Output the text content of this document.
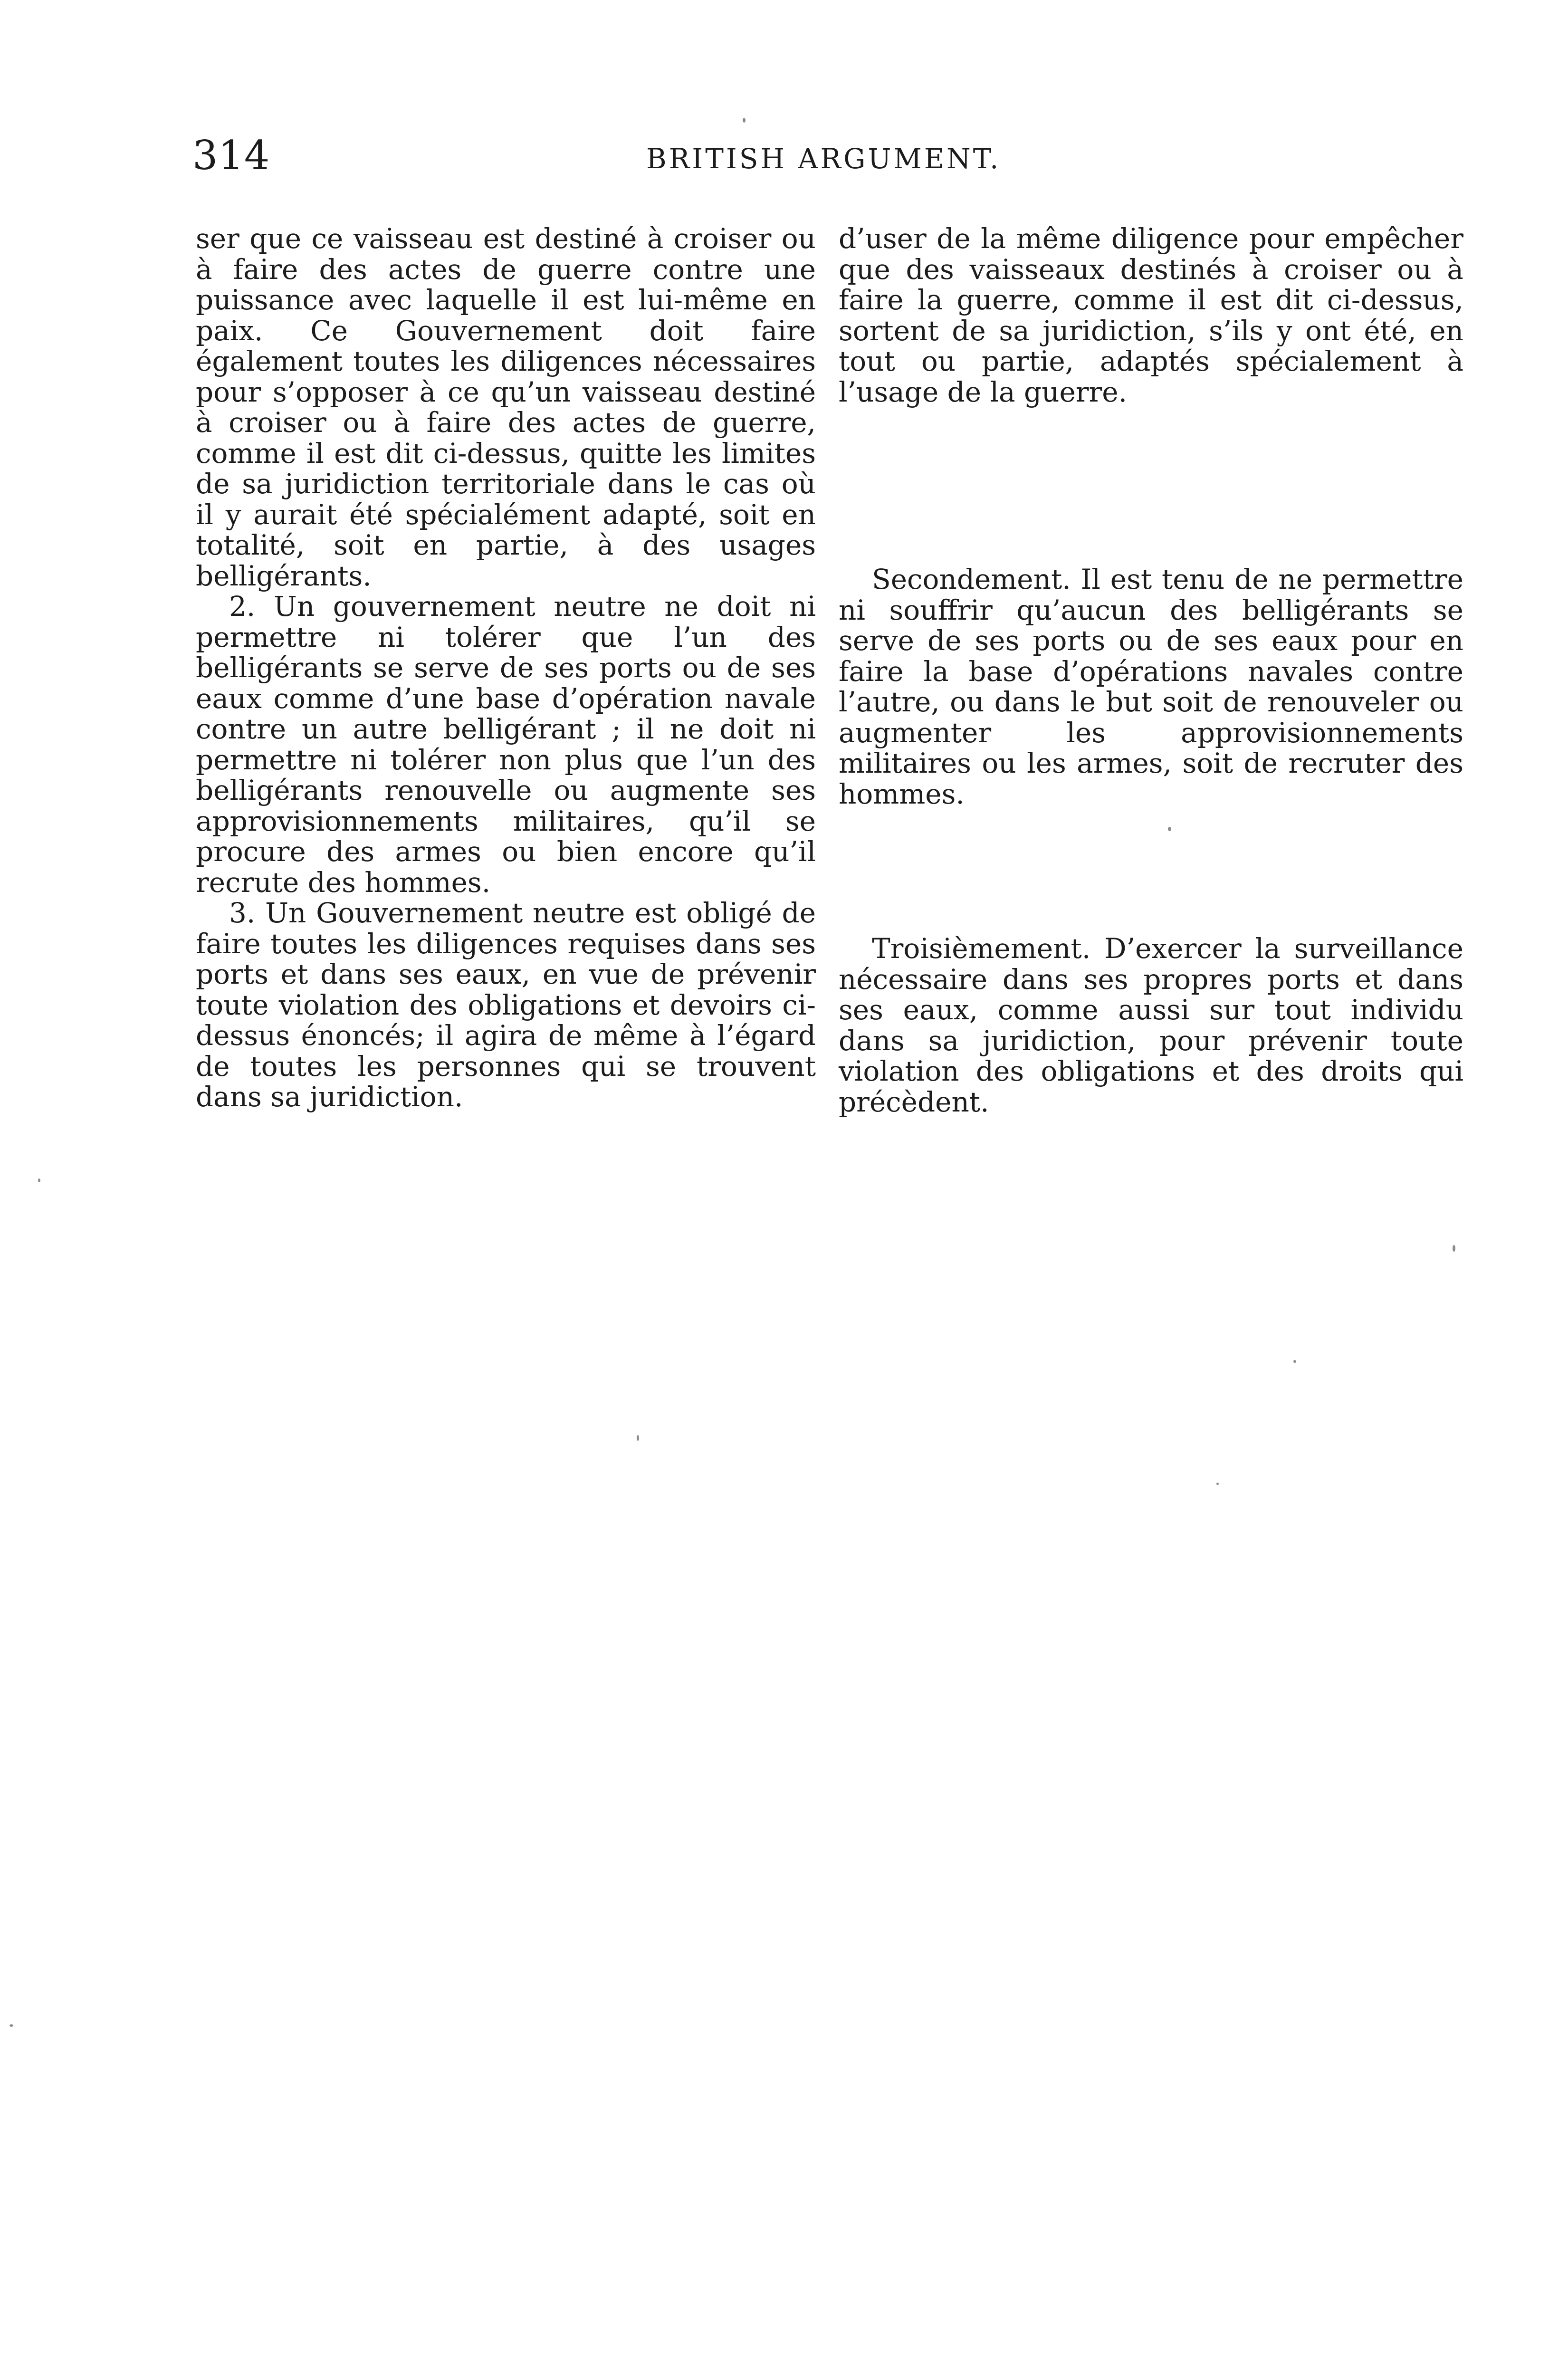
314	BRITISH ARGUMENT.

ser que ce vaisseau est destiné à croiser ou à faire des actes de guerre contre une puissance avec laquelle il est lui-même en paix. Ce Gouvernement doit faire également toutes les diligences nécessaires pour s’opposer à ce qu’un vaisseau destiné à croiser ou à faire des actes de guerre, comme il est dit ci-dessus, quitte les limites de sa juridiction territoriale dans le cas où il y aurait été spécialément adapté, soit en totalité, soit en partie, à des usages belligérants.

2. Un gouvernement neutre ne doit ni permettre ni tolérer que l’un des belligérants se serve de ses ports ou de ses eaux comme d’une base d’opération navale contre un autre belligérant ; il ne doit ni permettre ni tolérer non plus que l’un des belligérants renouvelle ou augmente ses approvisionnements militaires, qu’il se procure des armes ou bien encore qu’il recrute des hommes.

3. Un Gouvernement neutre est obligé de faire toutes les diligences requises dans ses ports et dans ses eaux, en vue de prévenir toute violation des obligations et devoirs ci-dessus énoncés; il agira de même à l’égard de toutes les personnes qui se trouvent dans sa juridiction.

d’user de la même diligence pour empêcher que des vaisseaux destinés à croiser ou à faire la guerre, comme il est dit ci-dessus, sortent de sa juridiction, s’ils y ont été, en tout ou partie, adaptés spécialement à l’usage de la guerre.

Secondement. Il est tenu de ne permettre ni souffrir qu’aucun des belligérants se serve de ses ports ou de ses eaux pour en faire la base d’opérations navales contre l’autre, ou dans le but soit de renouveler ou augmenter les approvisionnements militaires ou les armes, soit de recruter des hommes.

Troisièmement. D’exercer la surveillance nécessaire dans ses propres ports et dans ses eaux, comme aussi sur tout individu dans sa juridiction, pour prévenir toute violation des obligations et des droits qui précèdent.
